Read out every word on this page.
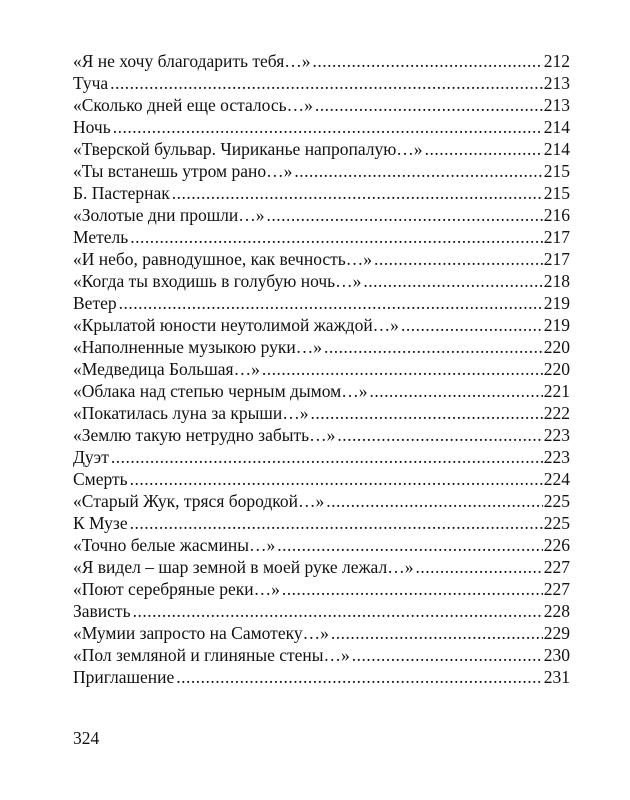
«Я не хочу благодарить тебя…» .....	212
Туча .....	213
«Сколько дней еще осталось…» .....	213
Ночь .....	214
«Тверской бульвар. Чириканье напропалую…» .....	214
«Ты встанешь утром рано…» .....	215
Б. Пастернак .....	215
«Золотые дни прошли…» .....	216
Метель .....	217
«И небо, равнодушное, как вечность…» .....	217
«Когда ты входишь в голубую ночь…» .....	218
Ветер .....	219
«Крылатой юности неутолимой жаждой…» .....	219
«Наполненные музыкою руки…» .....	220
«Медведица Большая…» .....	220
«Облака над степью черным дымом…» .....	221
«Покатилась луна за крыши…» .....	222
«Землю такую нетрудно забыть…» .....	223
Дуэт .....	223
Смерть .....	224
«Старый Жук, тряся бородкой…» .....	225
К Музе .....	225
«Точно белые жасмины…» .....	226
«Я видел – шар земной в моей руке лежал…» .....	227
«Поют серебряные реки…» .....	227
Зависть .....	228
«Мумии запросто на Самотеку…» .....	229
«Пол земляной и глиняные стены…» .....	230
Приглашение .....	231
324
